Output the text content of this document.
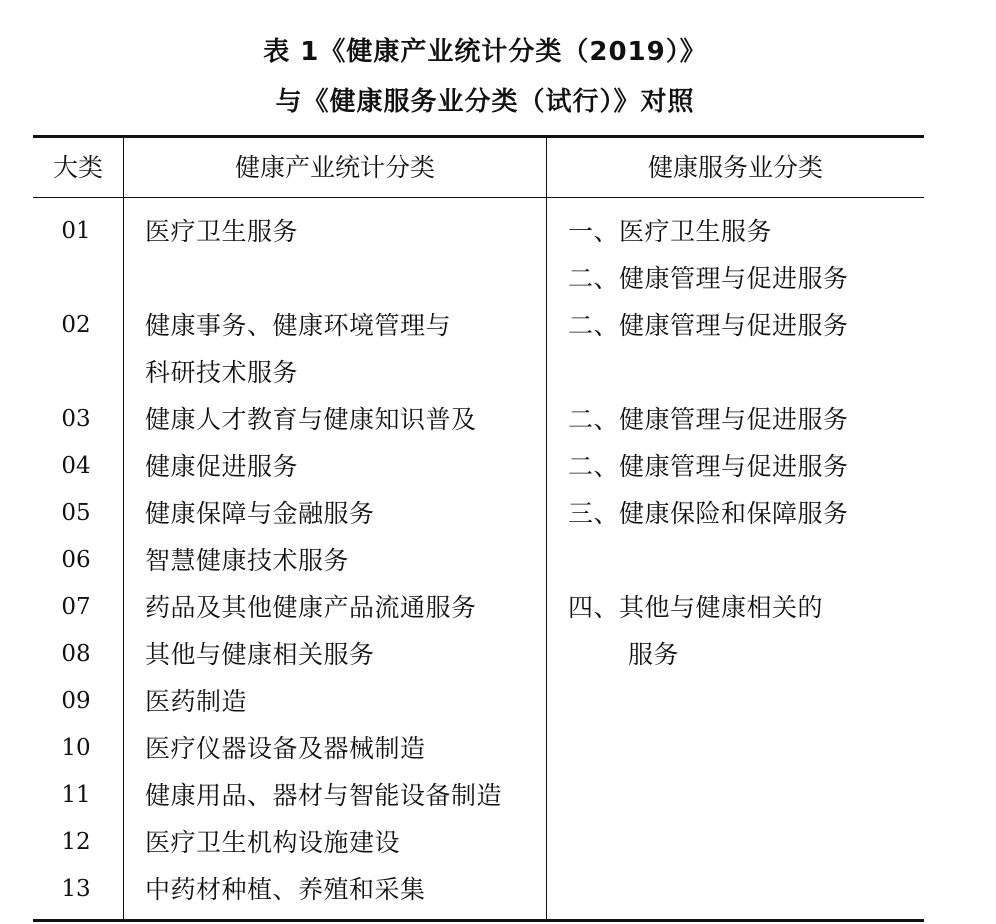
表 1《健康产业统计分类（2019）》
与《健康服务业分类（试行）》对照
大类	健康产业统计分类	健康服务业分类
01
02
03
04
05
06
07
08
09
10
11
12
13
医疗卫生服务
健康事务、健康环境管理与
科研技术服务
健康人才教育与健康知识普及
健康促进服务
健康保障与金融服务
智慧健康技术服务
药品及其他健康产品流通服务
其他与健康相关服务
医药制造
医疗仪器设备及器械制造
健康用品、器材与智能设备制造
医疗卫生机构设施建设
中药材种植、养殖和采集
一、医疗卫生服务
二、健康管理与促进服务
二、健康管理与促进服务
二、健康管理与促进服务
二、健康管理与促进服务
三、健康保险和保障服务
四、其他与健康相关的
服务
